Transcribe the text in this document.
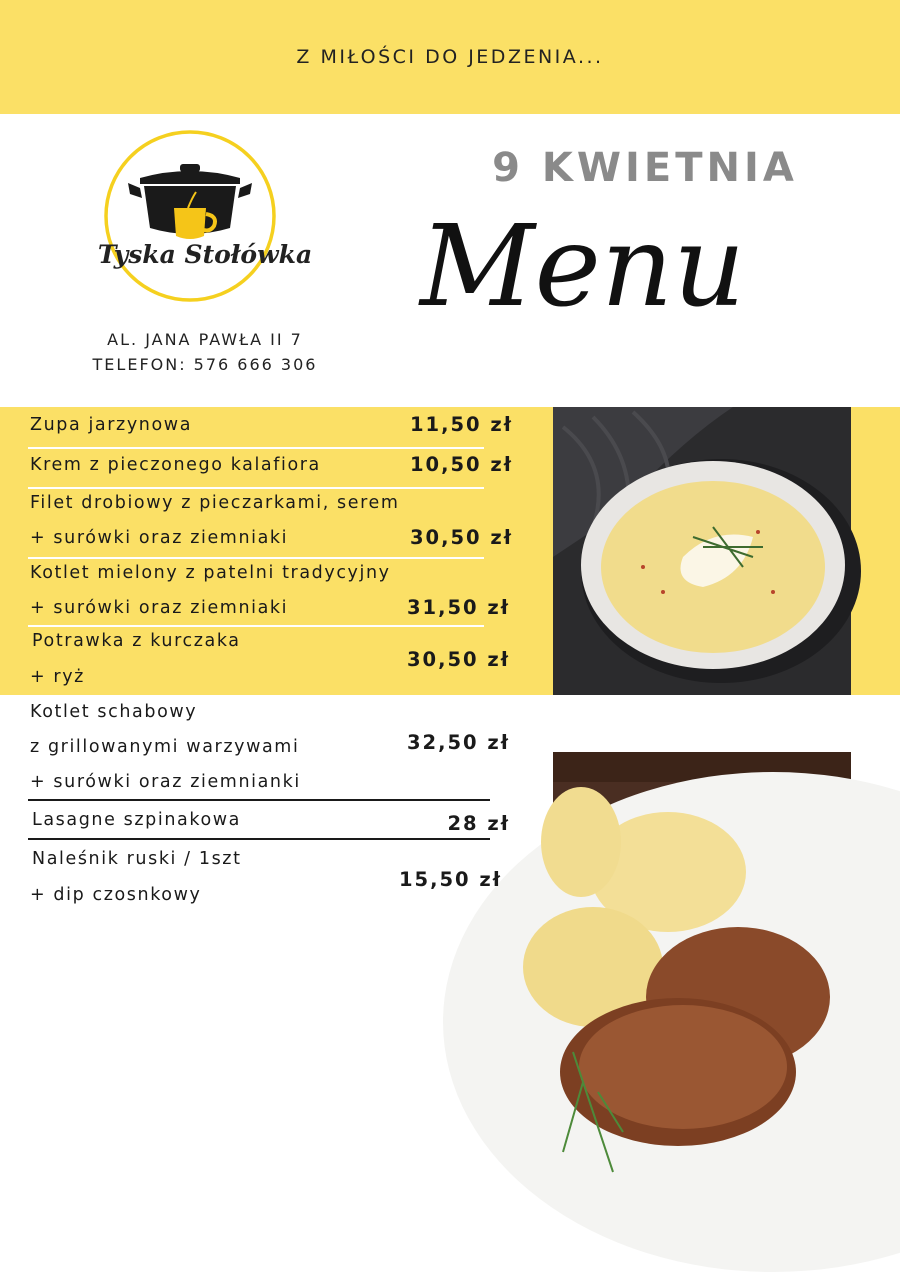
Z MIŁOŚCI DO JEDZENIA...
Tyska Stołówka
AL. JANA PAWŁA II 7
TELEFON: 576 666 306
9 KWIETNIA
Menu
Zupa jarzynowa	11,50 zł
Krem z pieczonego kalafiora	10,50 zł
Filet drobiowy z pieczarkami, serem
+ surówki oraz ziemniaki	30,50 zł
Kotlet mielony z patelni tradycyjny
+ surówki oraz ziemniaki	31,50 zł
Potrawka z kurczaka
+ ryż
30,50 zł
Kotlet schabowy
z grillowanymi warzywami
+ surówki oraz ziemnianki
32,50 zł
Lasagne szpinakowa	28 zł
Naleśnik ruski / 1szt
+ dip czosnkowy
15,50 zł
